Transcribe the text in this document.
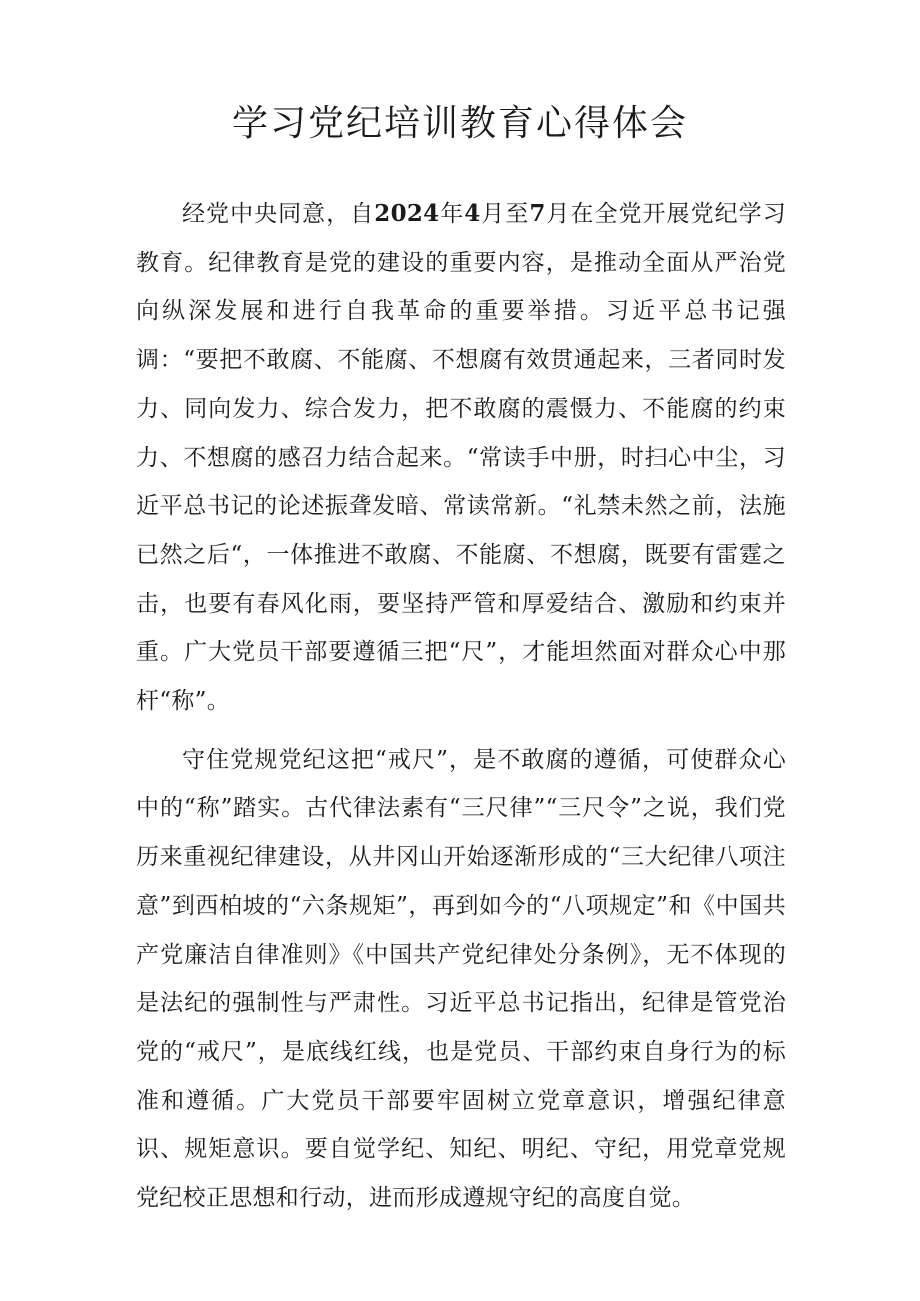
学习党纪培训教育心得体会

经党中央同意，自2024年4月至7月在全党开展党纪学习教育。纪律教育是党的建设的重要内容，是推动全面从严治党向纵深发展和进行自我革命的重要举措。习近平总书记强调：“要把不敢腐、不能腐、不想腐有效贯通起来，三者同时发力、同向发力、综合发力，把不敢腐的震慑力、不能腐的约束力、不想腐的感召力结合起来。“常读手中册，时扫心中尘，习近平总书记的论述振聋发暗、常读常新。“礼禁未然之前，法施已然之后“，一体推进不敢腐、不能腐、不想腐，既要有雷霆之击，也要有春风化雨，要坚持严管和厚爱结合、激励和约束并重。广大党员干部要遵循三把“尺”，才能坦然面对群众心中那杆“称”。

守住党规党纪这把“戒尺”，是不敢腐的遵循，可使群众心中的“称”踏实。古代律法素有“三尺律”“三尺令”之说，我们党历来重视纪律建设，从井冈山开始逐渐形成的“三大纪律八项注意”到西柏坡的“六条规矩”，再到如今的“八项规定”和《中国共产党廉洁自律准则》《中国共产党纪律处分条例》，无不体现的是法纪的强制性与严肃性。习近平总书记指出，纪律是管党治党的“戒尺”，是底线红线，也是党员、干部约束自身行为的标准和遵循。广大党员干部要牢固树立党章意识，增强纪律意识、规矩意识。要自觉学纪、知纪、明纪、守纪，用党章党规党纪校正思想和行动，进而形成遵规守纪的高度自觉。
